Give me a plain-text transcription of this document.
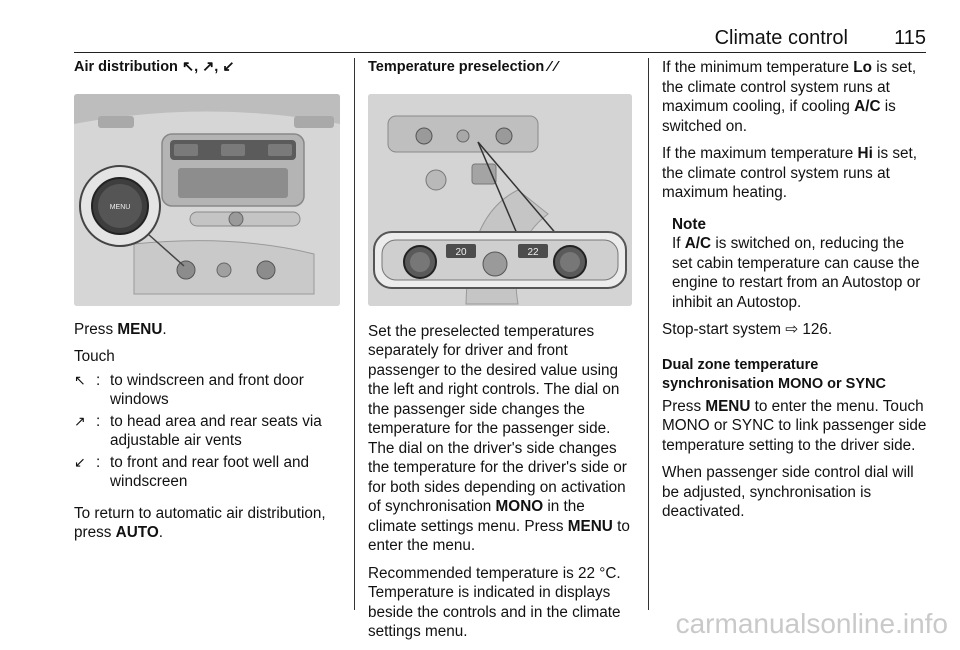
Climate control 115
Air distribution ↖, ↗, ↙
MENU

Press MENU.

Touch

↖ : to windscreen and front door windows
↗ : to head area and rear seats via adjustable air vents
↙ : to front and rear foot well and windscreen

To return to automatic air distribution, press AUTO.

Temperature preselection ⁄ ⁄
20	22

Set the preselected temperatures separately for driver and front passenger to the desired value using the left and right controls. The dial on the passenger side changes the temperature for the passenger side. The dial on the driver's side changes the temperature for the driver's side or for both sides depending on activation of synchronisation MONO in the climate settings menu. Press MENU to enter the menu.

Recommended temperature is 22 °C. Temperature is indicated in displays beside the controls and in the climate settings menu.

If the minimum temperature Lo is set, the climate control system runs at maximum cooling, if cooling A/C is switched on.

If the maximum temperature Hi is set, the climate control system runs at maximum heating.

Note

If A/C is switched on, reducing the set cabin temperature can cause the engine to restart from an Autostop or inhibit an Autostop.

Stop-start system ⇨ 126.

Dual zone temperature synchronisation MONO or SYNC

Press MENU to enter the menu. Touch MONO or SYNC to link passenger side temperature setting to the driver side.

When passenger side control dial will be adjusted, synchronisation is deactivated.

carmanualsonline.info
